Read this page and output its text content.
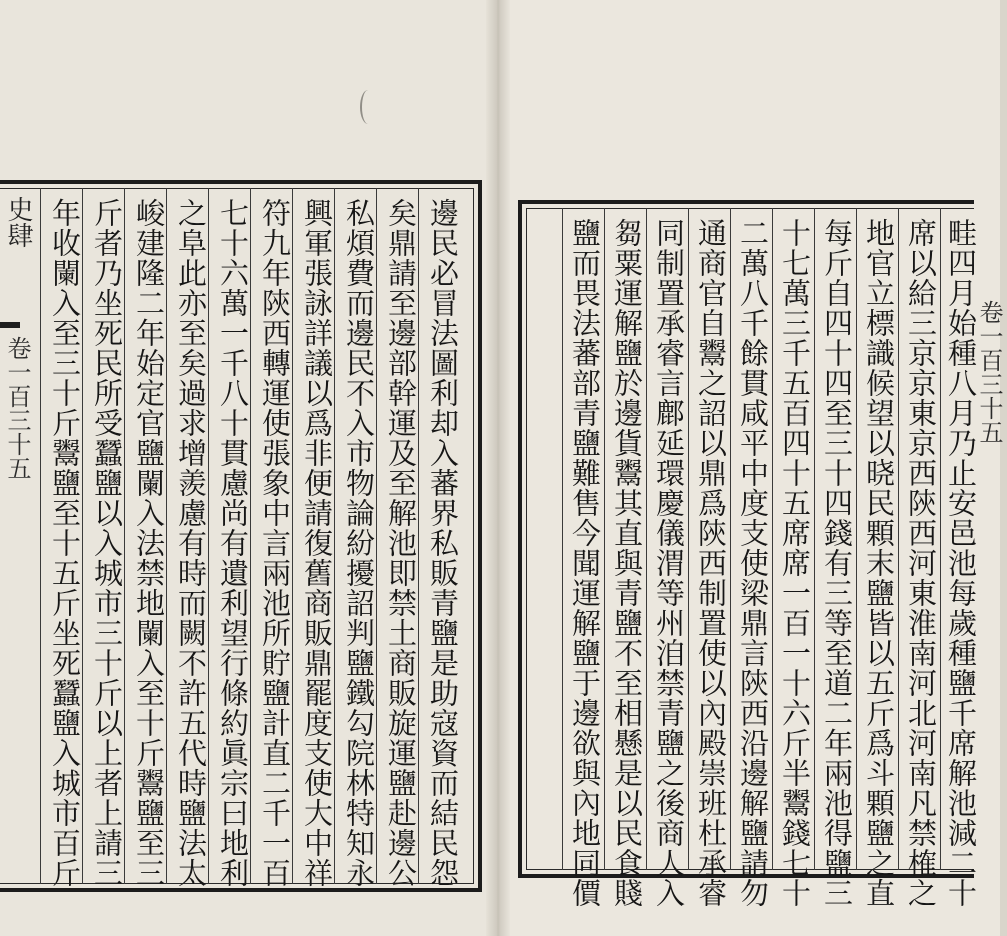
史肆
卷一百三十五	邊民必冒法圖利却入蕃界私販青鹽是助寇資而結民怨
矣鼎請至邊部幹運及至解池即禁土商販旋運鹽赴邊公
私煩費而邊民不入市物論紛擾詔判鹽鐵勾院林特知永
興軍張詠詳議以爲非便請復舊商販鼎罷度支使大中祥
符九年陝西轉運使張象中言兩池所貯鹽計直二千一百
七十六萬一千八十貫慮尚有遺利望行條約眞宗曰地利
之阜此亦至矣過求增羨慮有時而闕不許五代時鹽法太
峻建隆二年始定官鹽闌入法禁地闌入至十斤鬻鹽至三
斤者乃坐死民所受蠶鹽以入城市三十斤以上者上請三
年收闌入至三十斤鬻鹽至十五斤坐死蠶鹽入城市百斤	卷一百三十五
畦四月始種八月乃止安邑池每歲種鹽千席解池減二十
席以給三京京東京西陝西河東淮南河北河南凡禁榷之
地官立標識候望以晓民顆末鹽皆以五斤爲斗顆鹽之直
每斤自四十四至三十四錢有三等至道二年兩池得鹽三
十七萬三千五百四十五席席一百一十六斤半鬻錢七十
二萬八千餘貫咸平中度支使梁鼎言陝西沿邊解鹽請勿
通商官自鬻之詔以鼎爲陝西制置使以內殿崇班杜承睿
同制置承睿言鄜延環慶儀渭等州洎禁青鹽之後商人入
芻粟運解鹽於邊貨鬻其直與青鹽不至相懸是以民食賤
鹽而畏法蕃部青鹽難售今聞運解鹽于邊欲與內地同價
